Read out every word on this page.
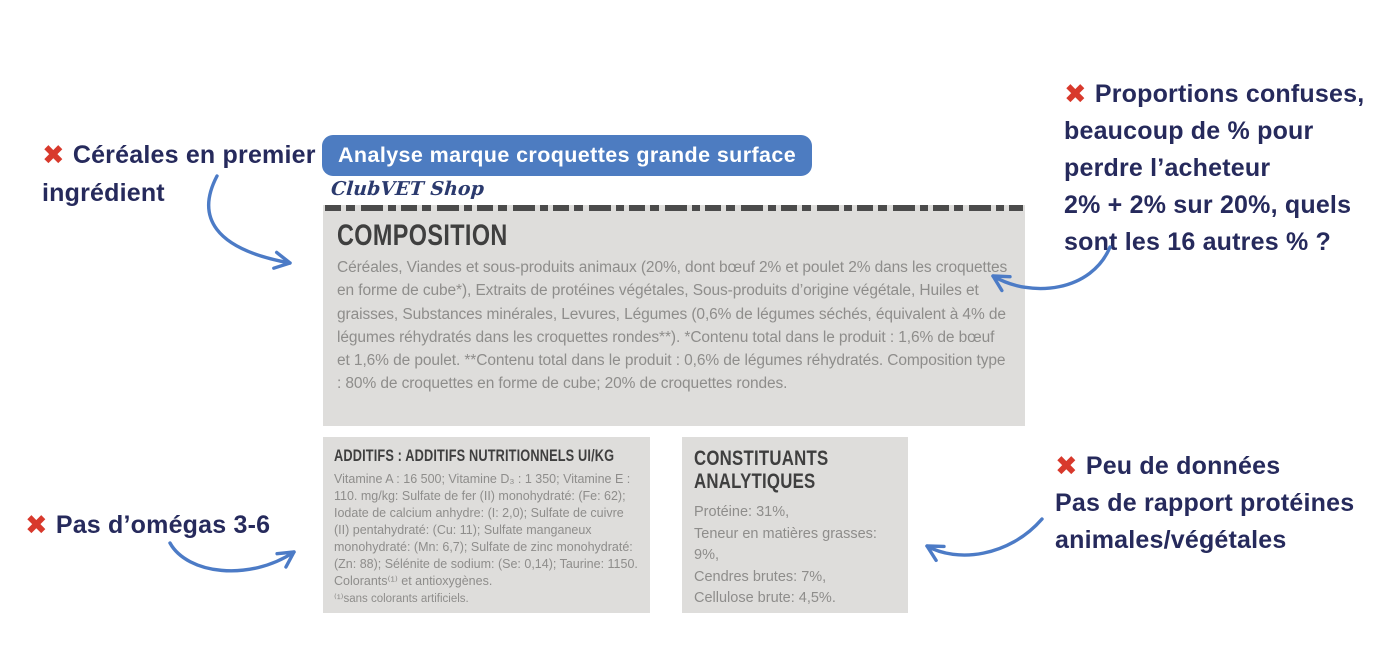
Analyse marque croquettes grande surface
ClubVET Shop
COMPOSITION

Céréales, Viandes et sous-produits animaux (20%, dont bœuf 2% et poulet 2% dans les croquettes en forme de cube*), Extraits de protéines végétales, Sous-produits d’origine végétale, Huiles et graisses, Substances minérales, Levures, Légumes (0,6% de légumes séchés, équivalent à 4% de légumes réhydratés dans les croquettes rondes**). *Contenu total dans le produit : 1,6% de bœuf et 1,6% de poulet. **Contenu total dans le produit : 0,6% de légumes réhydratés. Composition type : 80% de croquettes en forme de cube; 20% de croquettes rondes.

ADDITIFS : ADDITIFS NUTRITIONNELS UI/KG

Vitamine A : 16 500; Vitamine D₃ : 1 350; Vitamine E : 110. mg/kg: Sulfate de fer (II) monohydraté: (Fe: 62); Iodate de calcium anhydre: (I: 2,0); Sulfate de cuivre (II) pentahydraté: (Cu: 11); Sulfate manganeux monohydraté: (Mn: 6,7); Sulfate de zinc monohydraté: (Zn: 88); Sélénite de sodium: (Se: 0,14); Taurine: 1150. Colorants⁽¹⁾ et antioxygènes.

⁽¹⁾sans colorants artificiels.
CONSTITUANTS ANALYTIQUES
Protéine: 31%,
Teneur en matières grasses: 9%,
Cendres brutes: 7%,
Cellulose brute: 4,5%.
✖ Céréales en premier
ingrédient
✖ Proportions confuses,
beaucoup de % pour
perdre l’acheteur
2% + 2% sur 20%, quels
sont les 16 autres % ?
✖ Pas d’omégas 3-6
✖ Peu de données
Pas de rapport protéines
animales/végétales
